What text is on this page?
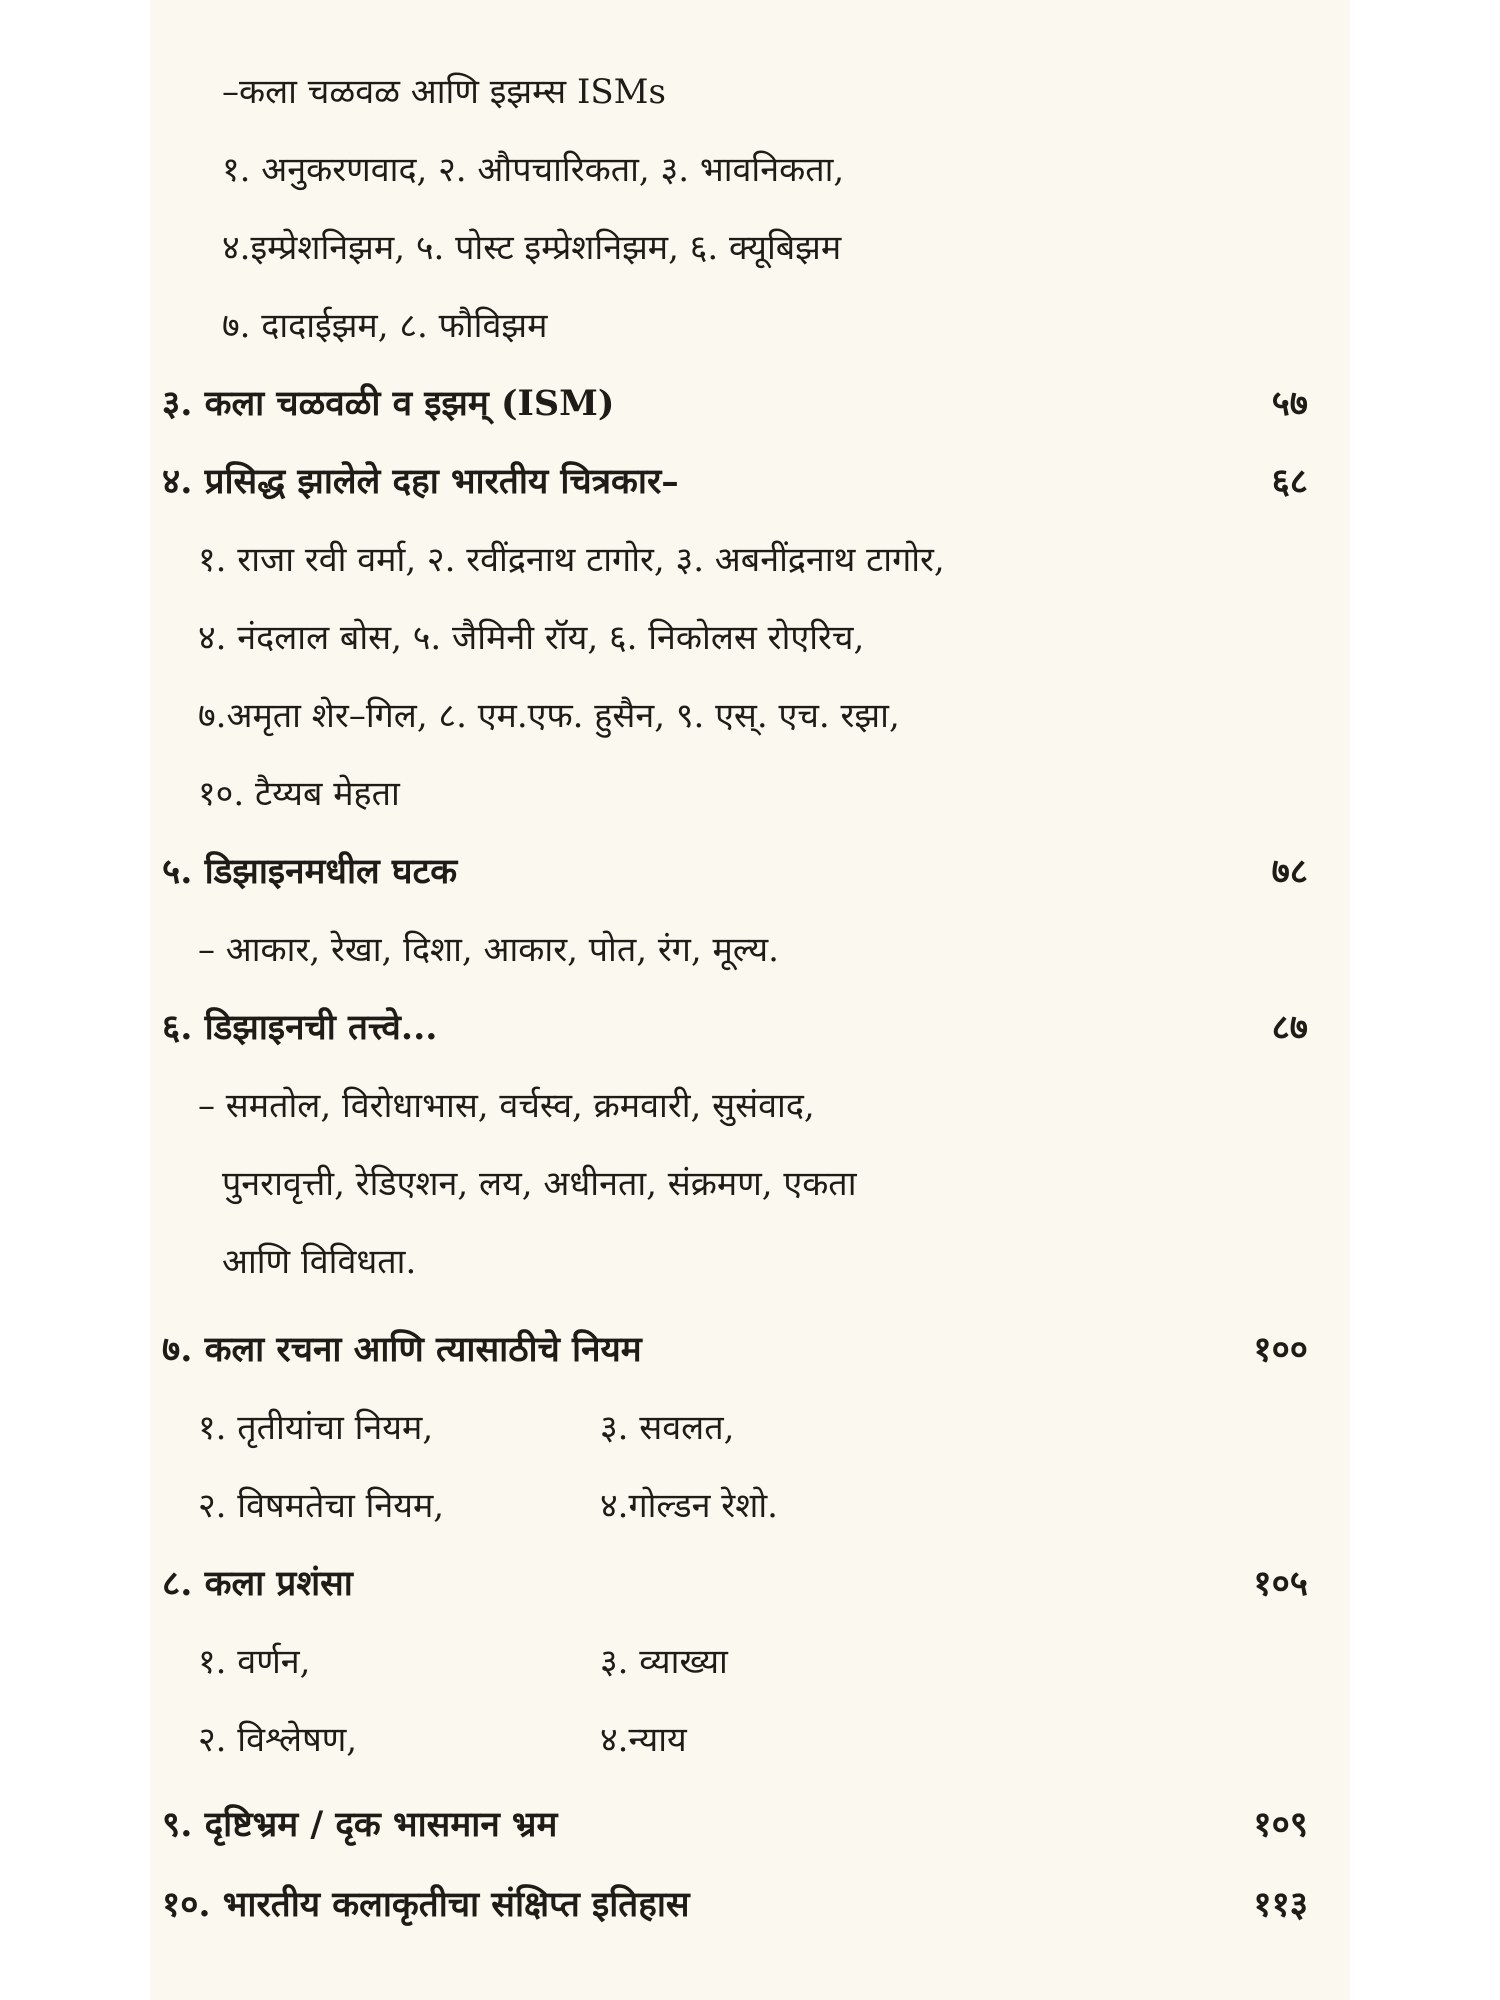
–कला चळवळ आणि इझम्स ISMs
१. अनुकरणवाद, २. औपचारिकता, ३. भावनिकता,
४.इम्प्रेशनिझम, ५. पोस्ट इम्प्रेशनिझम, ६. क्यूबिझम
७. दादाईझम, ८. फौविझम
३. कला चळवळी व इझम् (ISM)	५७
४. प्रसिद्ध झालेले दहा भारतीय चित्रकार–	६८
१. राजा रवी वर्मा, २. रवींद्रनाथ टागोर, ३. अबनींद्रनाथ टागोर,
४. नंदलाल बोस, ५. जैमिनी रॉय, ६. निकोलस रोएरिच,
७.अमृता शेर–गिल, ८. एम.एफ. हुसैन, ९. एस्. एच. रझा,
१०. टैय्यब मेहता
५. डिझाइनमधील घटक	७८
– आकार, रेखा, दिशा, आकार, पोत, रंग, मूल्य.
६. डिझाइनची तत्त्वे...	८७
– समतोल, विरोधाभास, वर्चस्व, क्रमवारी, सुसंवाद,
पुनरावृत्ती, रेडिएशन, लय, अधीनता, संक्रमण, एकता
आणि विविधता.
७. कला रचना आणि त्यासाठीचे नियम	१००
१. तृतीयांचा नियम,	३. सवलत,
२. विषमतेचा नियम,	४.गोल्डन रेशो.
८. कला प्रशंसा	१०५
१. वर्णन,	३. व्याख्या
२. विश्लेषण,	४.न्याय
९. दृष्टिभ्रम / दृक भासमान भ्रम	१०९
१०. भारतीय कलाकृतीचा संक्षिप्त इतिहास	११३
